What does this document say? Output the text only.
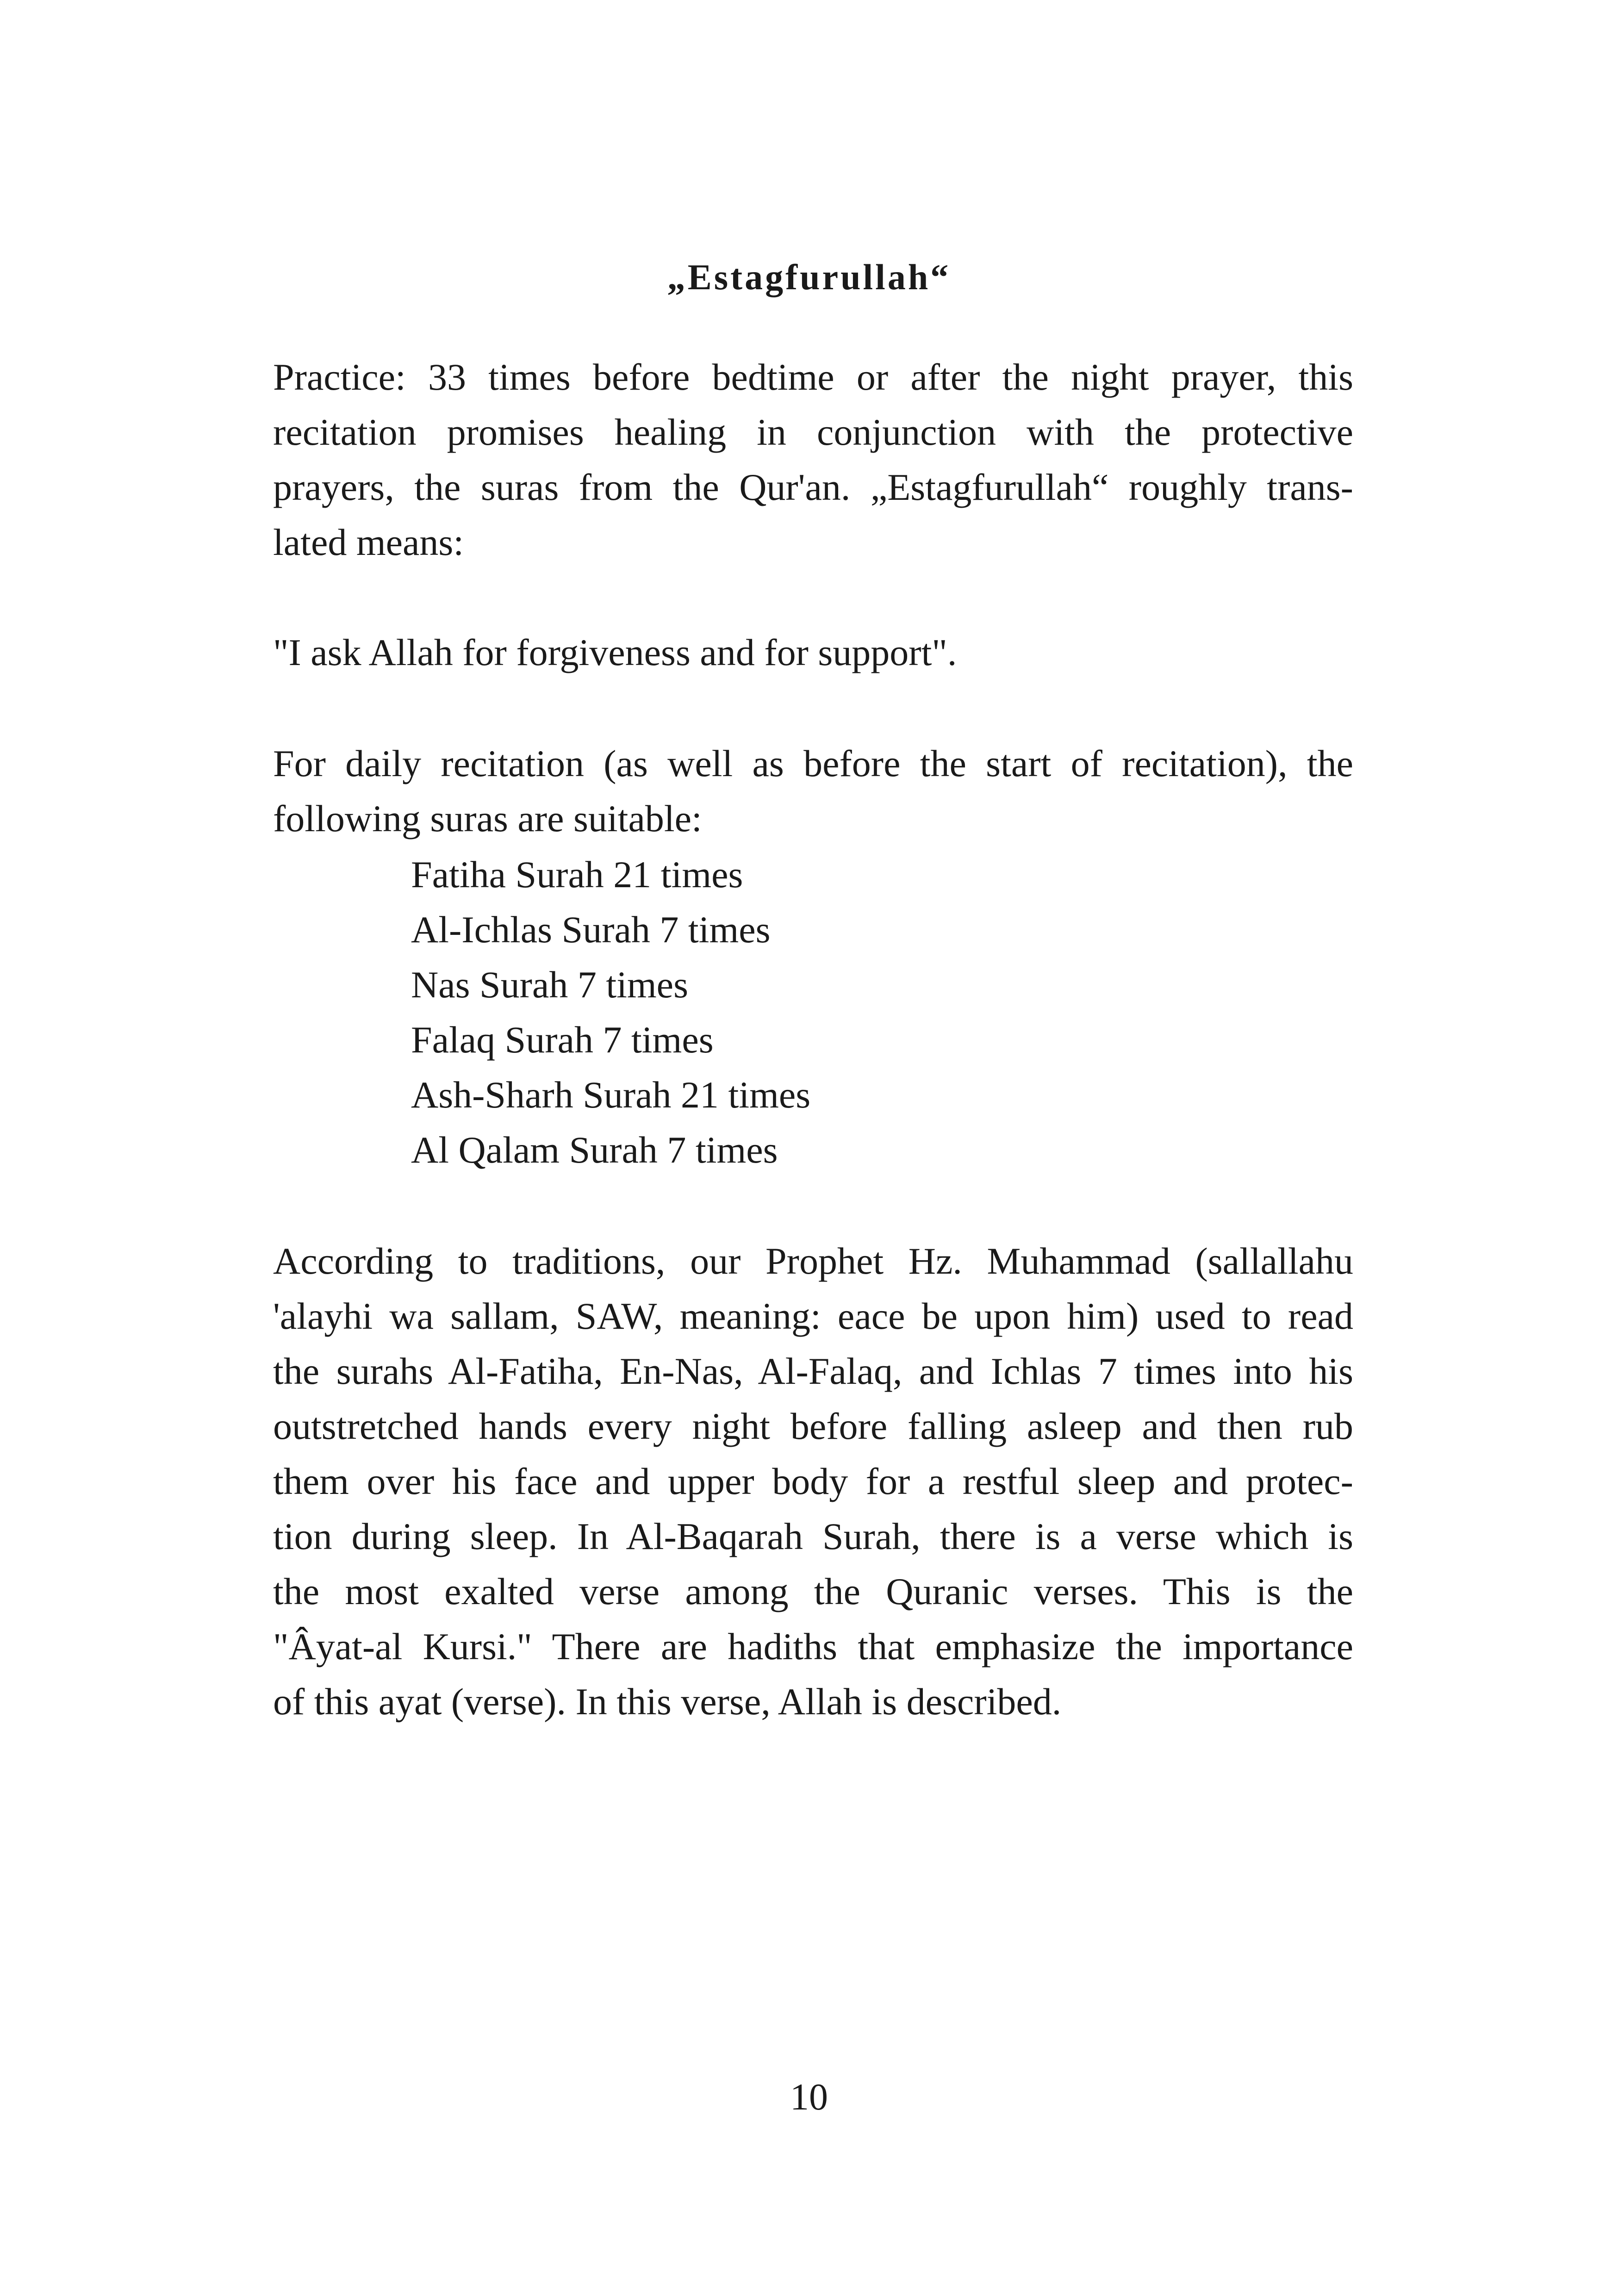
„Estagfurullah“
Practice: 33 times before bedtime or after the night prayer, this
recitation promises healing in conjunction with the protective
prayers, the suras from the Qur'an. „Estagfurullah“ roughly trans-
lated means:
"I ask Allah for forgiveness and for support".
For daily recitation (as well as before the start of recitation), the
following suras are suitable:
Fatiha Surah 21 times
Al-Ichlas Surah 7 times
Nas Surah 7 times
Falaq Surah 7 times
Ash-Sharh Surah 21 times
Al Qalam Surah 7 times
According to traditions, our Prophet Hz. Muhammad (sallallahu
'alayhi wa sallam, SAW, meaning: eace be upon him) used to read
the surahs Al-Fatiha, En-Nas, Al-Falaq, and Ichlas 7 times into his
outstretched hands every night before falling asleep and then rub
them over his face and upper body for a restful sleep and protec-
tion during sleep. In Al-Baqarah Surah, there is a verse which is
the most exalted verse among the Quranic verses. This is the
"Âyat-al Kursi." There are hadiths that emphasize the importance
of this ayat (verse). In this verse, Allah is described.
10
